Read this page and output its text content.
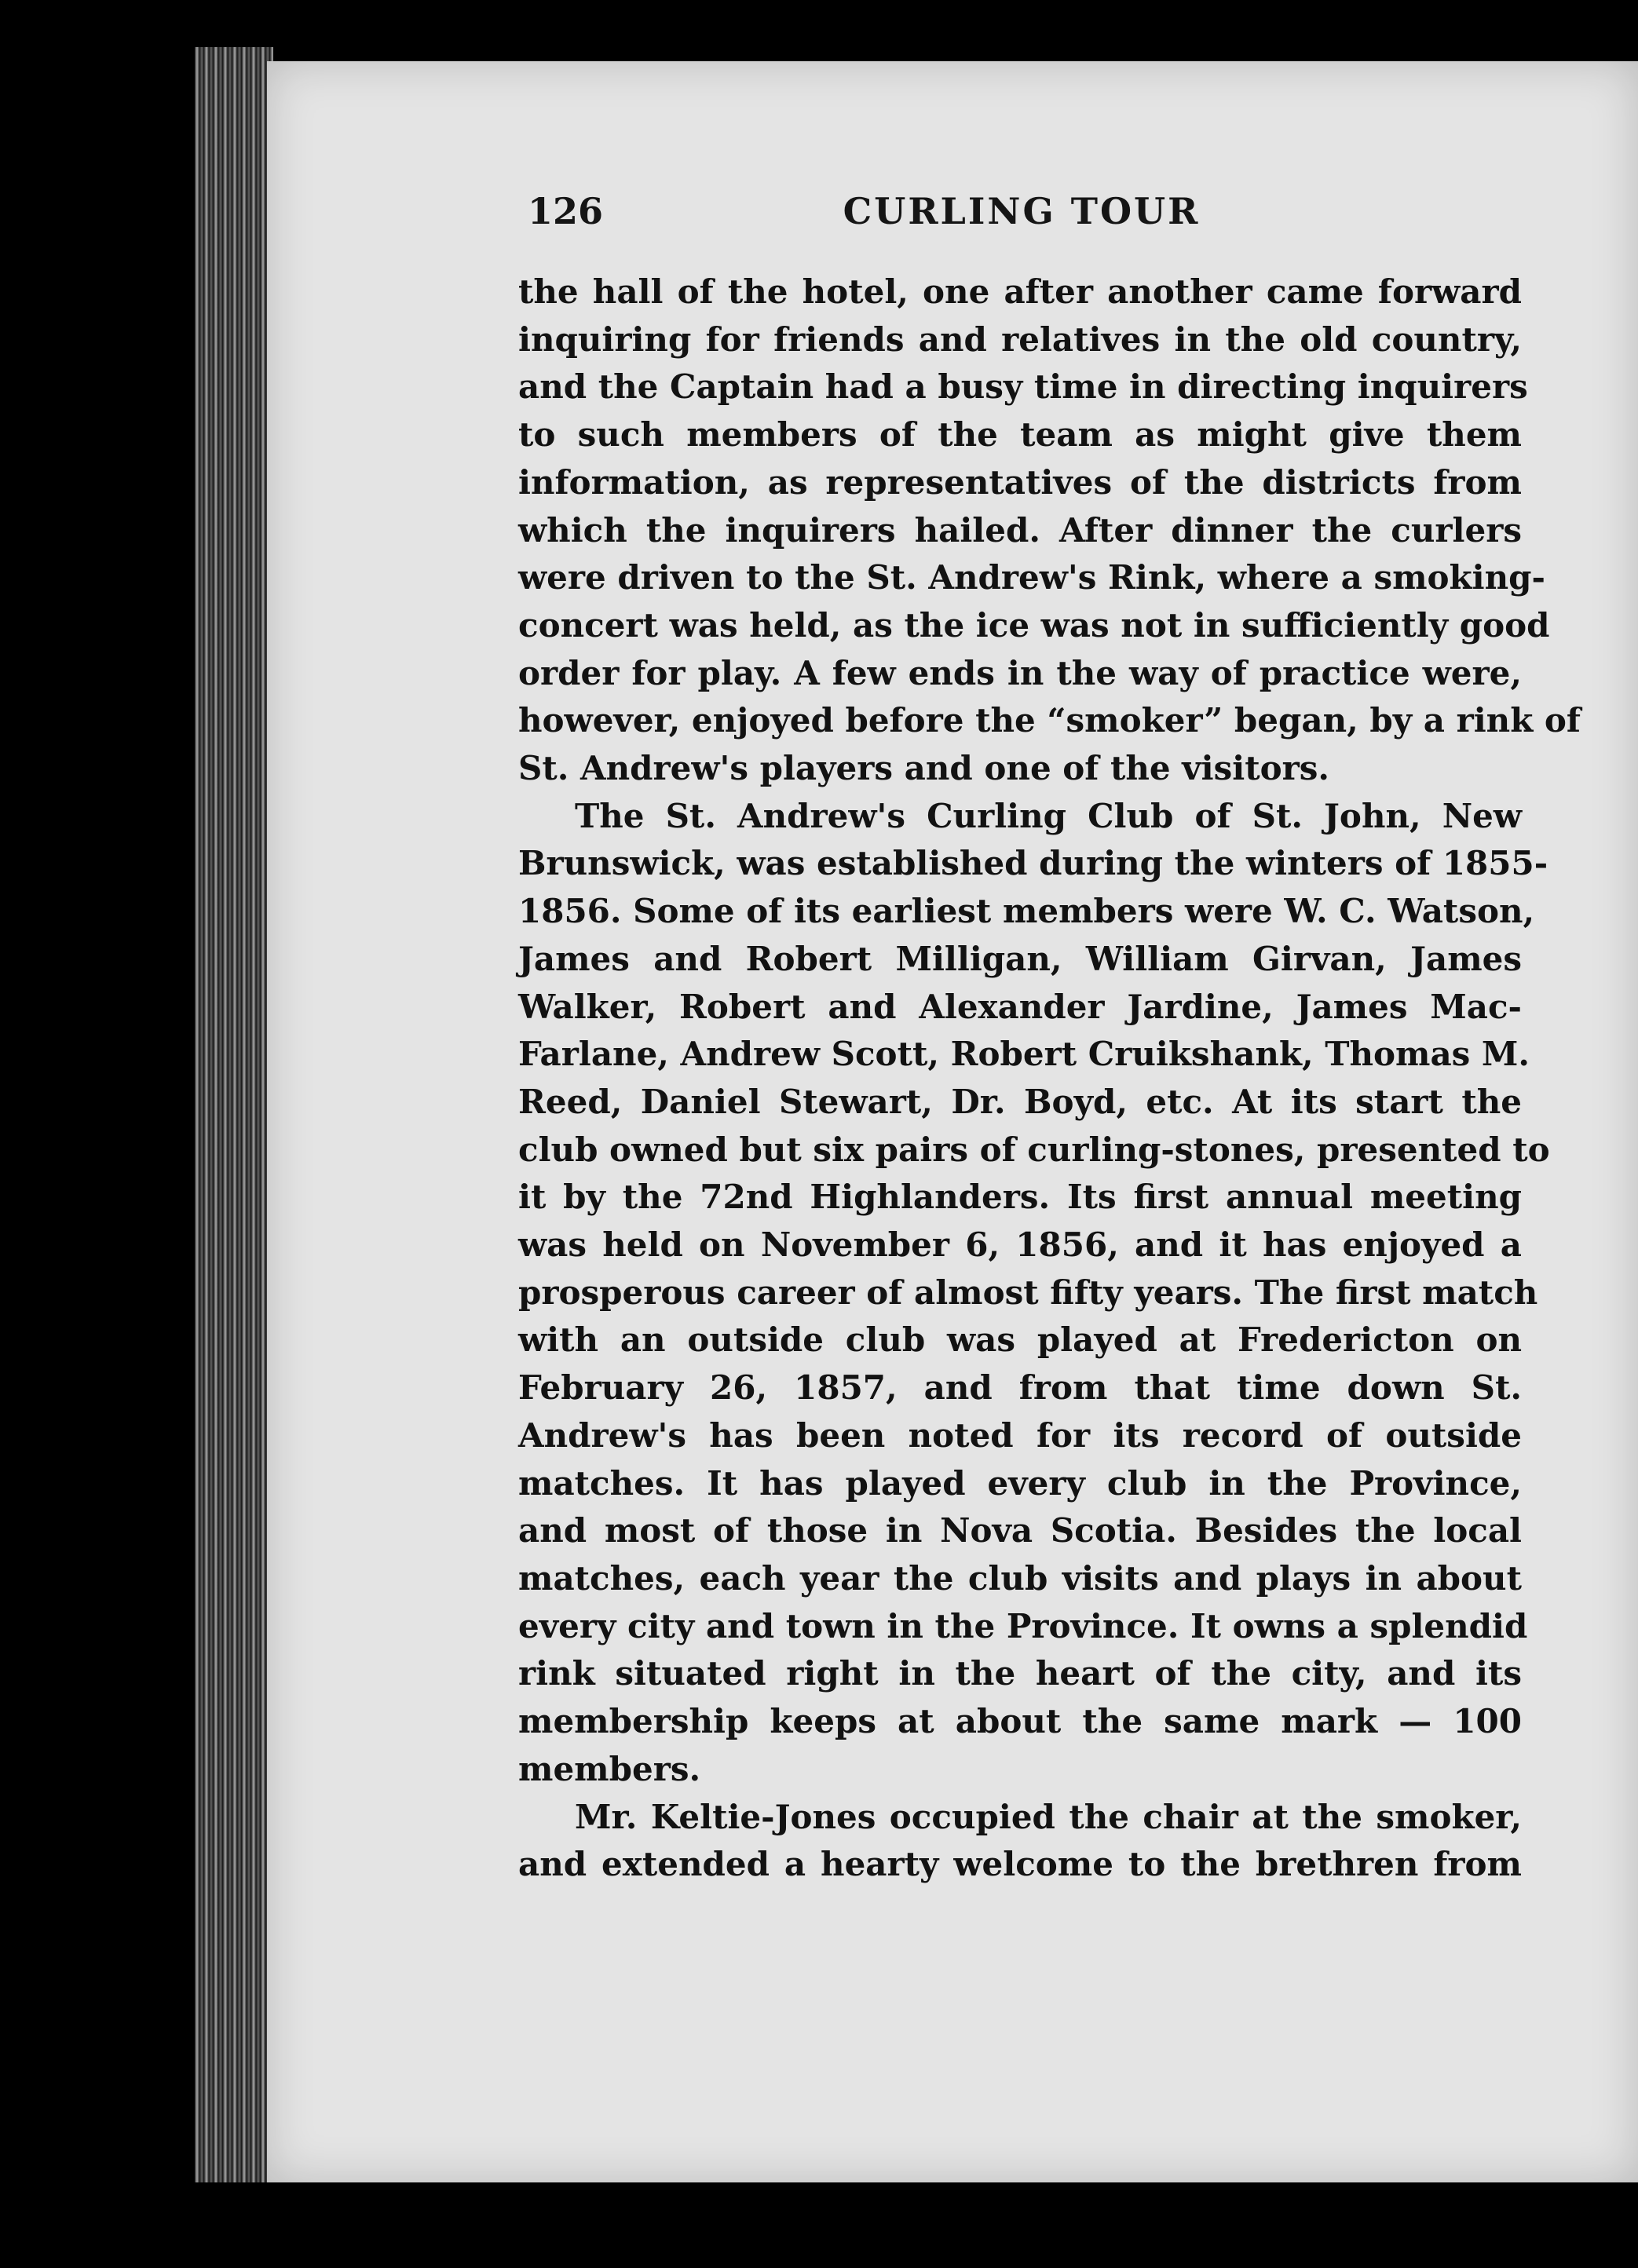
126	CURLING TOUR
the hall of the hotel, one after another came forward
inquiring for friends and relatives in the old country,
and the Captain had a busy time in directing inquirers
to such members of the team as might give them
information, as representatives of the districts from
which the inquirers hailed. After dinner the curlers
were driven to the St. Andrew's Rink, where a smoking-
concert was held, as the ice was not in sufficiently good
order for play. A few ends in the way of practice were,
however, enjoyed before the “smoker” began, by a rink of
St. Andrew's players and one of the visitors.
The St. Andrew's Curling Club of St. John, New
Brunswick, was established during the winters of 1855-
1856. Some of its earliest members were W. C. Watson,
James and Robert Milligan, William Girvan, James
Walker, Robert and Alexander Jardine, James Mac-
Farlane, Andrew Scott, Robert Cruikshank, Thomas M.
Reed, Daniel Stewart, Dr. Boyd, etc. At its start the
club owned but six pairs of curling-stones, presented to
it by the 72nd Highlanders. Its first annual meeting
was held on November 6, 1856, and it has enjoyed a
prosperous career of almost fifty years. The first match
with an outside club was played at Fredericton on
February 26, 1857, and from that time down St.
Andrew's has been noted for its record of outside
matches. It has played every club in the Province,
and most of those in Nova Scotia. Besides the local
matches, each year the club visits and plays in about
every city and town in the Province. It owns a splendid
rink situated right in the heart of the city, and its
membership keeps at about the same mark — 100
members.
Mr. Keltie-Jones occupied the chair at the smoker,
and extended a hearty welcome to the brethren from
